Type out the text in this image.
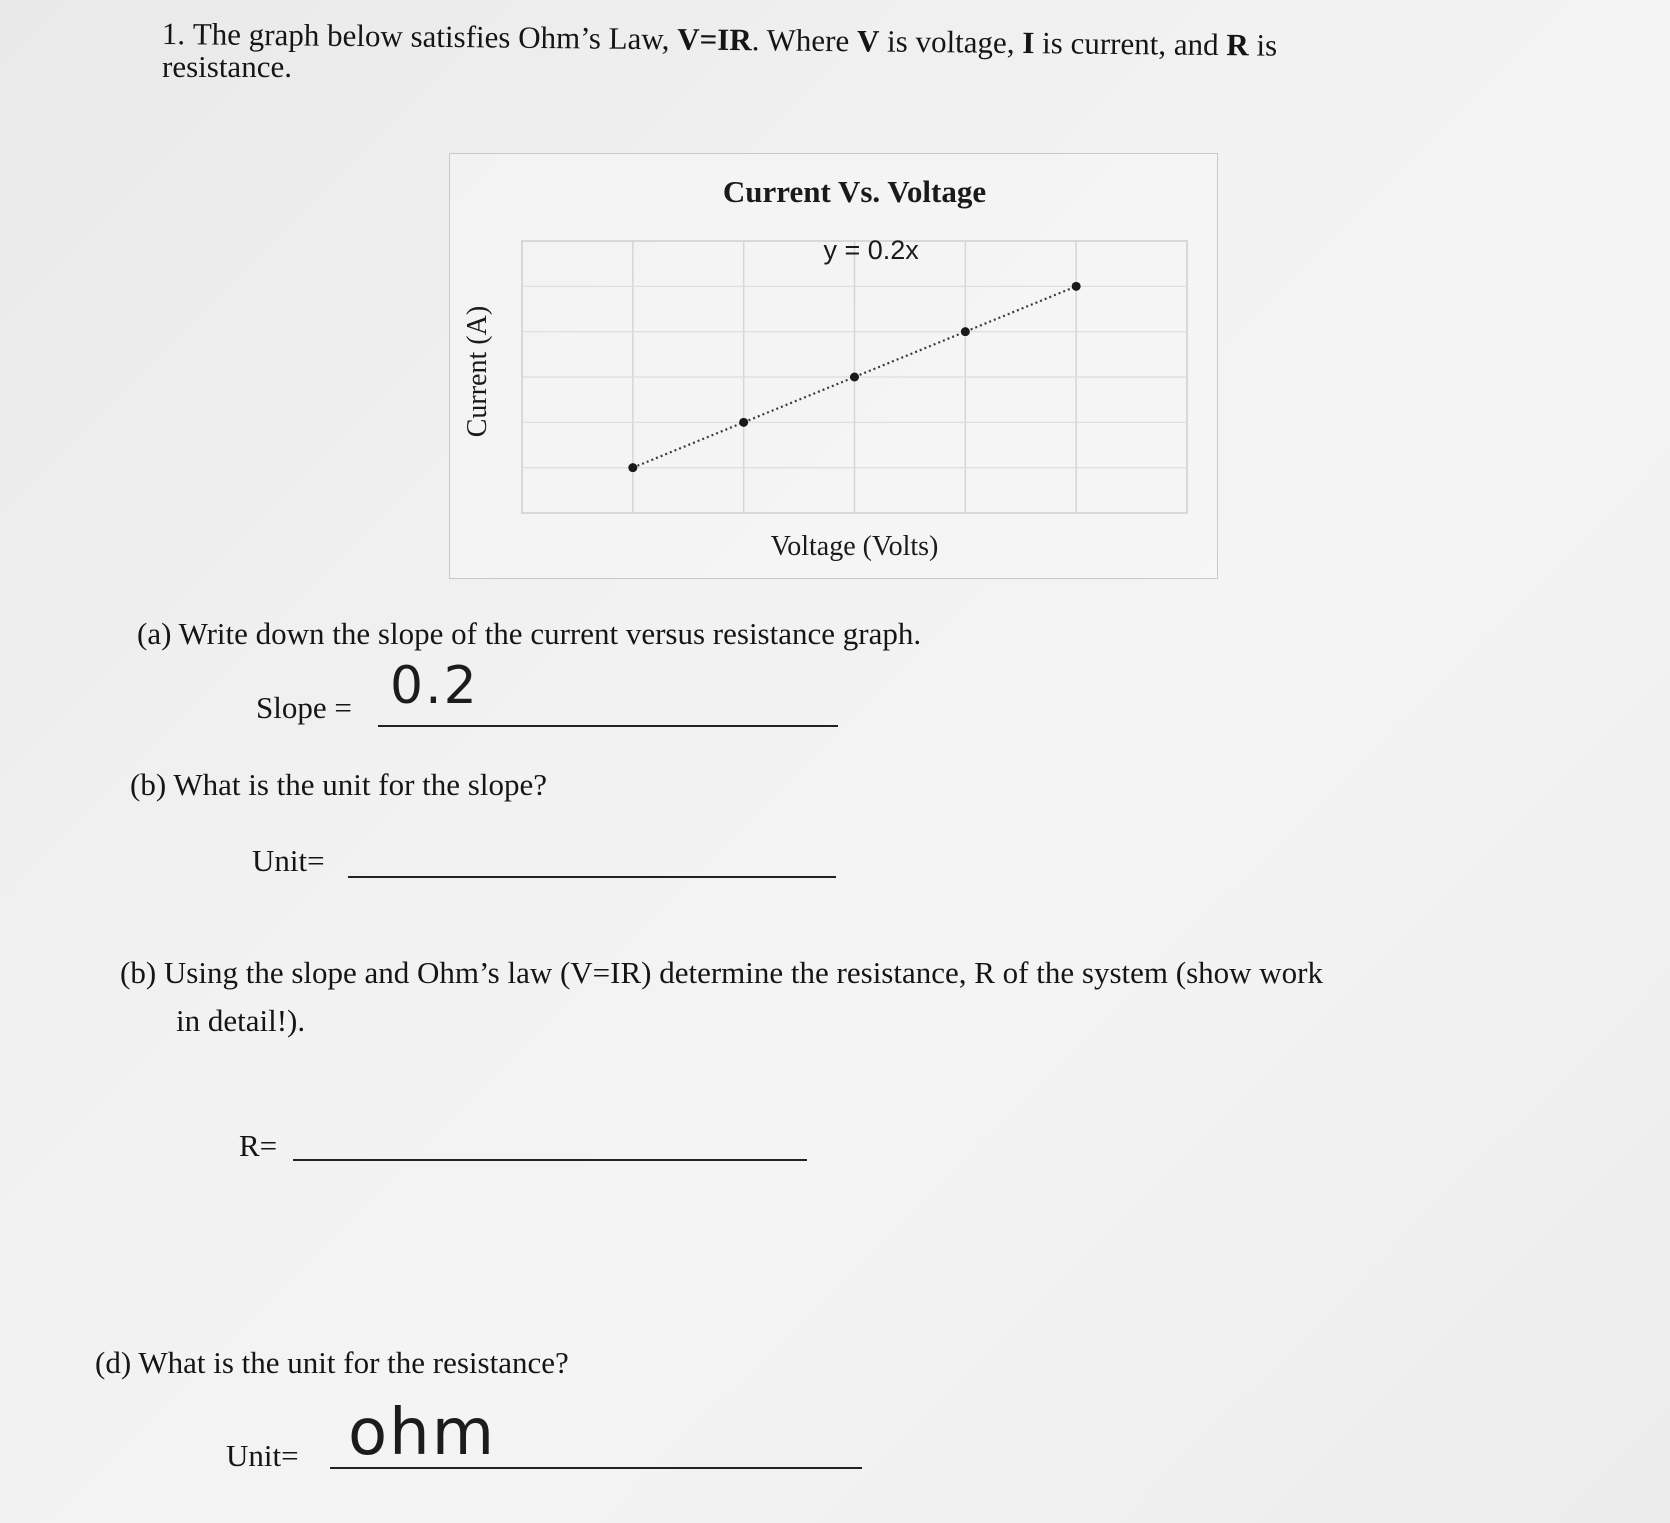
1. The graph below satisfies Ohm’s Law, V=IR. Where V is voltage, I is current, and R is
resistance.
Current Vs. Voltage
y = 0.2x
Voltage (Volts)
Current (A)
(a) Write down the slope of the current versus resistance graph.
Slope = 0.2
(b) What is the unit for the slope?
Unit=
(b) Using the slope and Ohm’s law (V=IR) determine the resistance, R of the system (show work
in detail!).
R=
(d) What is the unit for the resistance?
Unit= ohm
